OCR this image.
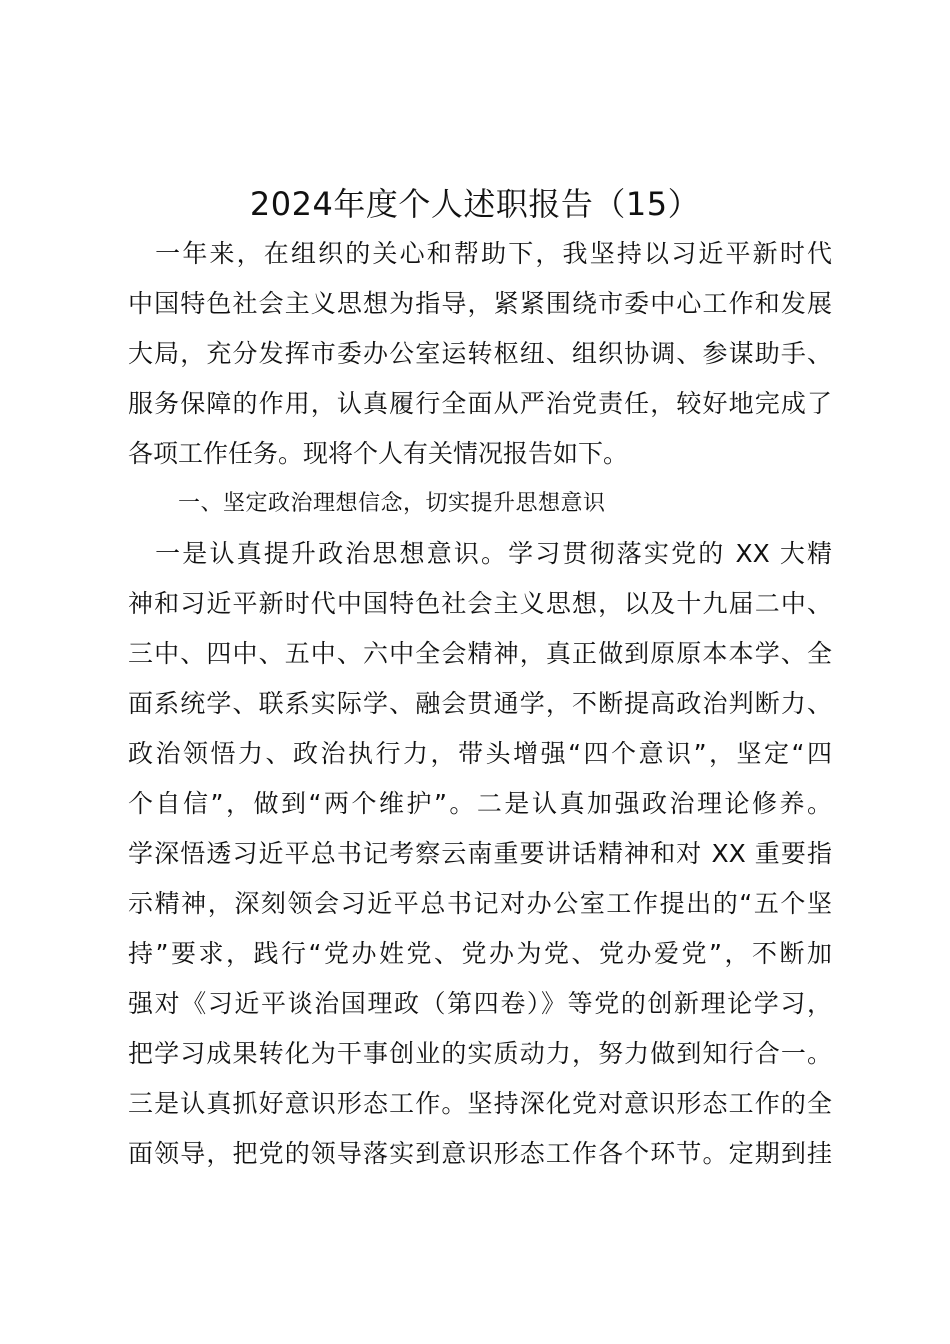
2024年度个人述职报告（15）
　一年来，在组织的关心和帮助下，我坚持以习近平新时代
中国特色社会主义思想为指导，紧紧围绕市委中心工作和发展
大局，充分发挥市委办公室运转枢纽、组织协调、参谋助手、
服务保障的作用，认真履行全面从严治党责任，较好地完成了
各项工作任务。现将个人有关情况报告如下。
一、坚定政治理想信念，切实提升思想意识
　一是认真提升政治思想意识。学习贯彻落实党的 XX 大精
神和习近平新时代中国特色社会主义思想，以及十九届二中、
三中、四中、五中、六中全会精神，真正做到原原本本学、全
面系统学、联系实际学、融会贯通学，不断提高政治判断力、
政治领悟力、政治执行力，带头增强“四个意识”，坚定“四
个自信”，做到“两个维护”。二是认真加强政治理论修养。
学深悟透习近平总书记考察云南重要讲话精神和对 XX 重要指
示精神，深刻领会习近平总书记对办公室工作提出的“五个坚
持”要求，践行“党办姓党、党办为党、党办爱党”，不断加
强对《习近平谈治国理政（第四卷）》等党的创新理论学习，
把学习成果转化为干事创业的实质动力，努力做到知行合一。
三是认真抓好意识形态工作。坚持深化党对意识形态工作的全
面领导，把党的领导落实到意识形态工作各个环节。定期到挂
